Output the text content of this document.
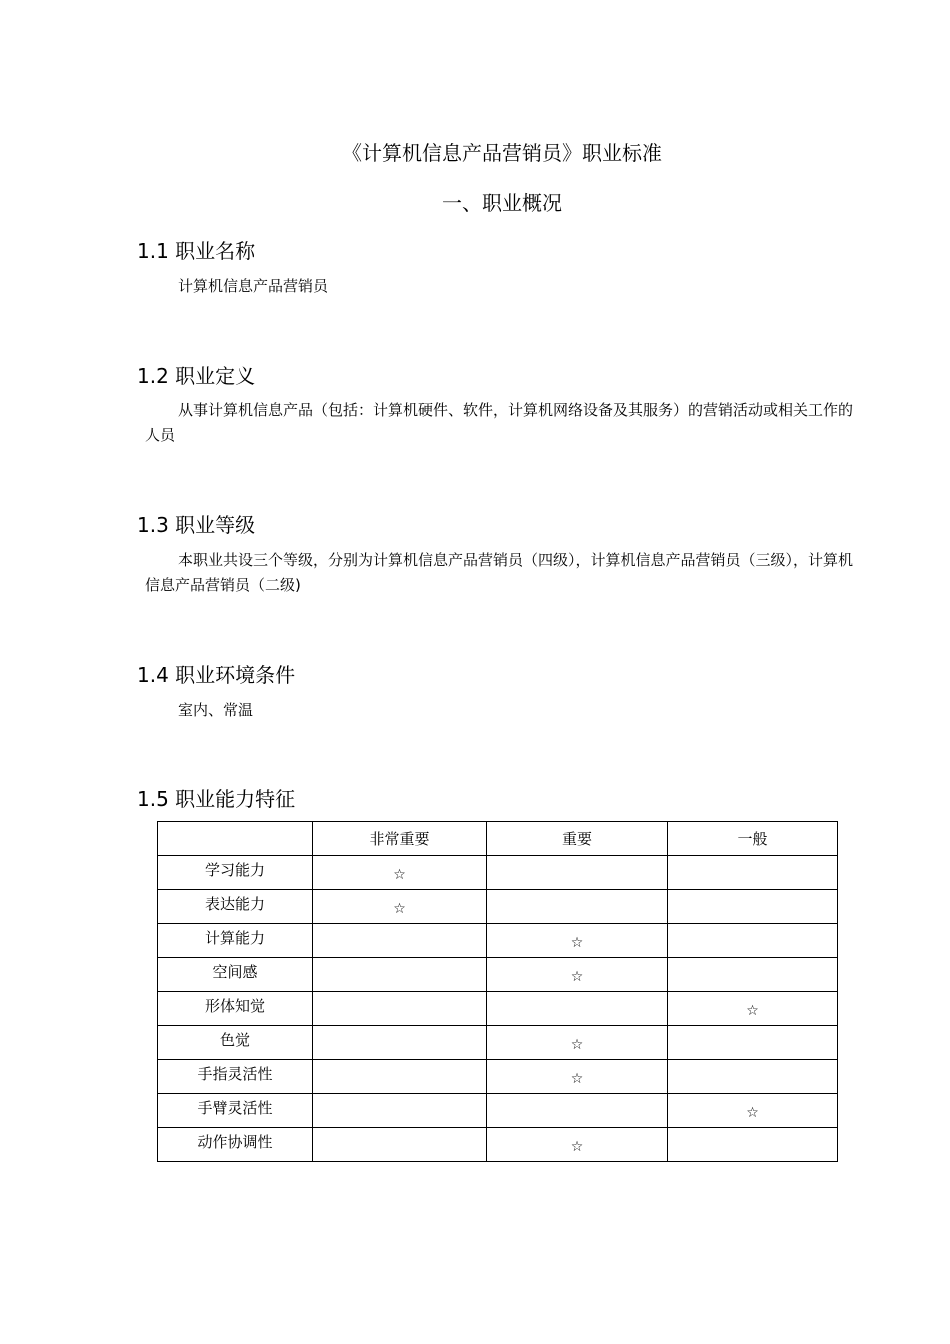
《计算机信息产品营销员》职业标准
一、职业概况
1.1 职业名称

计算机信息产品营销员

1.2 职业定义

从事计算机信息产品（包括：计算机硬件、软件，计算机网络设备及其服务）的营销活动或相关工作的人员

1.3 职业等级

本职业共设三个等级，分别为计算机信息产品营销员（四级），计算机信息产品营销员（三级），计算机信息产品营销员（二级)

1.4 职业环境条件

室内、常温

1.5 职业能力特征
	非常重要	重要	一般
学习能力	☆		
表达能力	☆		
计算能力		☆	
空间感		☆	
形体知觉			☆
色觉		☆	
手指灵活性		☆	
手臂灵活性			☆
动作协调性		☆	
